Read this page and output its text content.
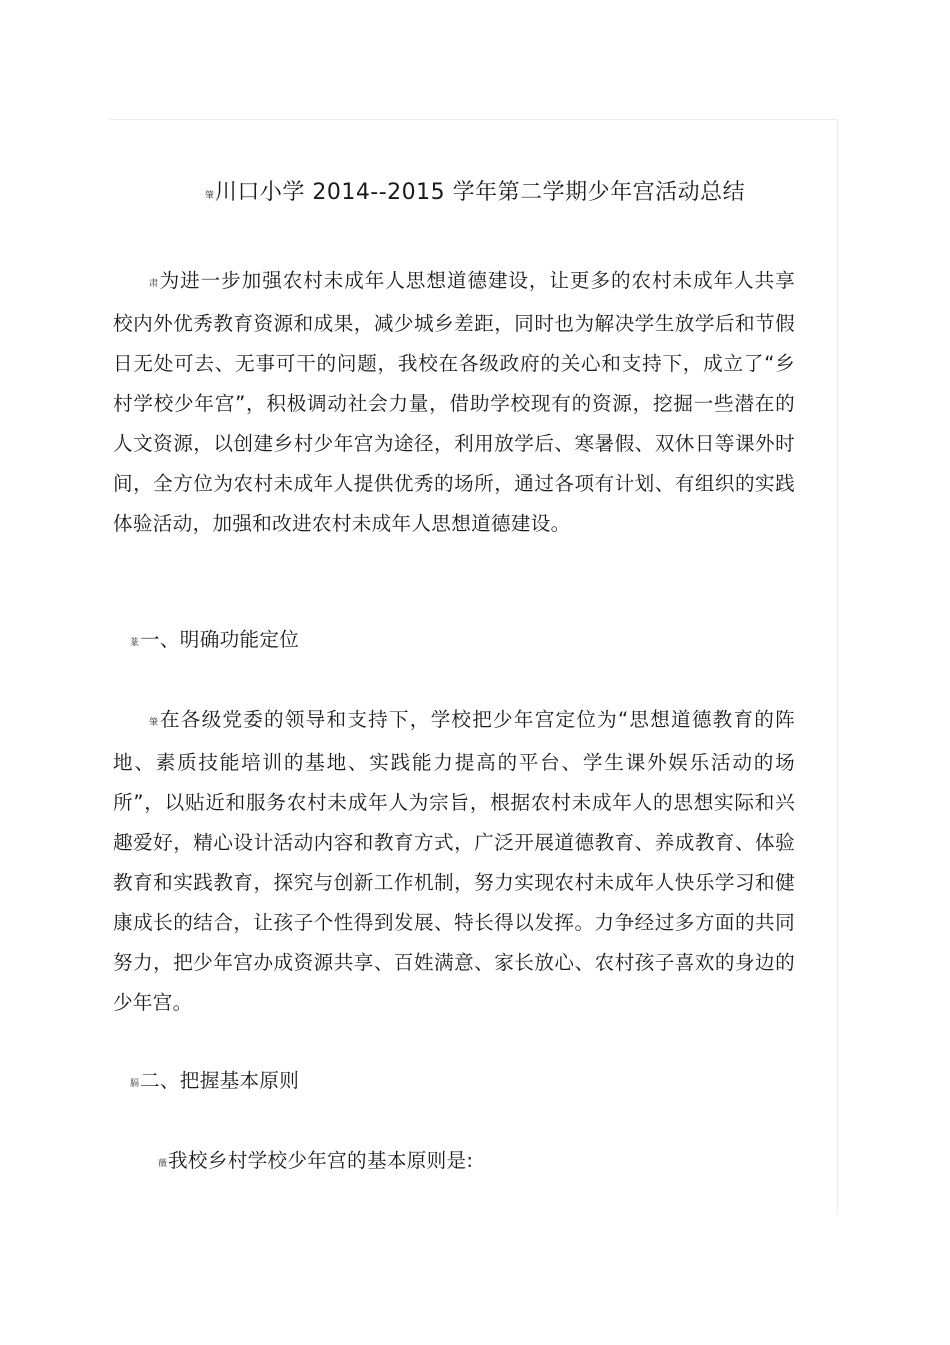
肇川口小学 2014--2015 学年第二学期少年宫活动总结
肃为进一步加强农村未成年人思想道德建设，让更多的农村未成年人共享校内外优秀教育资源和成果，减少城乡差距，同时也为解决学生放学后和节假日无处可去、无事可干的问题，我校在各级政府的关心和支持下，成立了“乡村学校少年宫”，积极调动社会力量，借助学校现有的资源，挖掘一些潜在的人文资源，以创建乡村少年宫为途径，利用放学后、寒暑假、双休日等课外时间，全方位为农村未成年人提供优秀的场所，通过各项有计划、有组织的实践体验活动，加强和改进农村未成年人思想道德建设。
蒃一、明确功能定位
肇在各级党委的领导和支持下，学校把少年宫定位为“思想道德教育的阵地、素质技能培训的基地、实践能力提高的平台、学生课外娱乐活动的场所”，以贴近和服务农村未成年人为宗旨，根据农村未成年人的思想实际和兴趣爱好，精心设计活动内容和教育方式，广泛开展道德教育、养成教育、体验教育和实践教育，探究与创新工作机制，努力实现农村未成年人快乐学习和健康成长的结合，让孩子个性得到发展、特长得以发挥。力争经过多方面的共同努力，把少年宫办成资源共享、百姓满意、家长放心、农村孩子喜欢的身边的少年宫。
膈二、把握基本原则
薇我校乡村学校少年宫的基本原则是:
